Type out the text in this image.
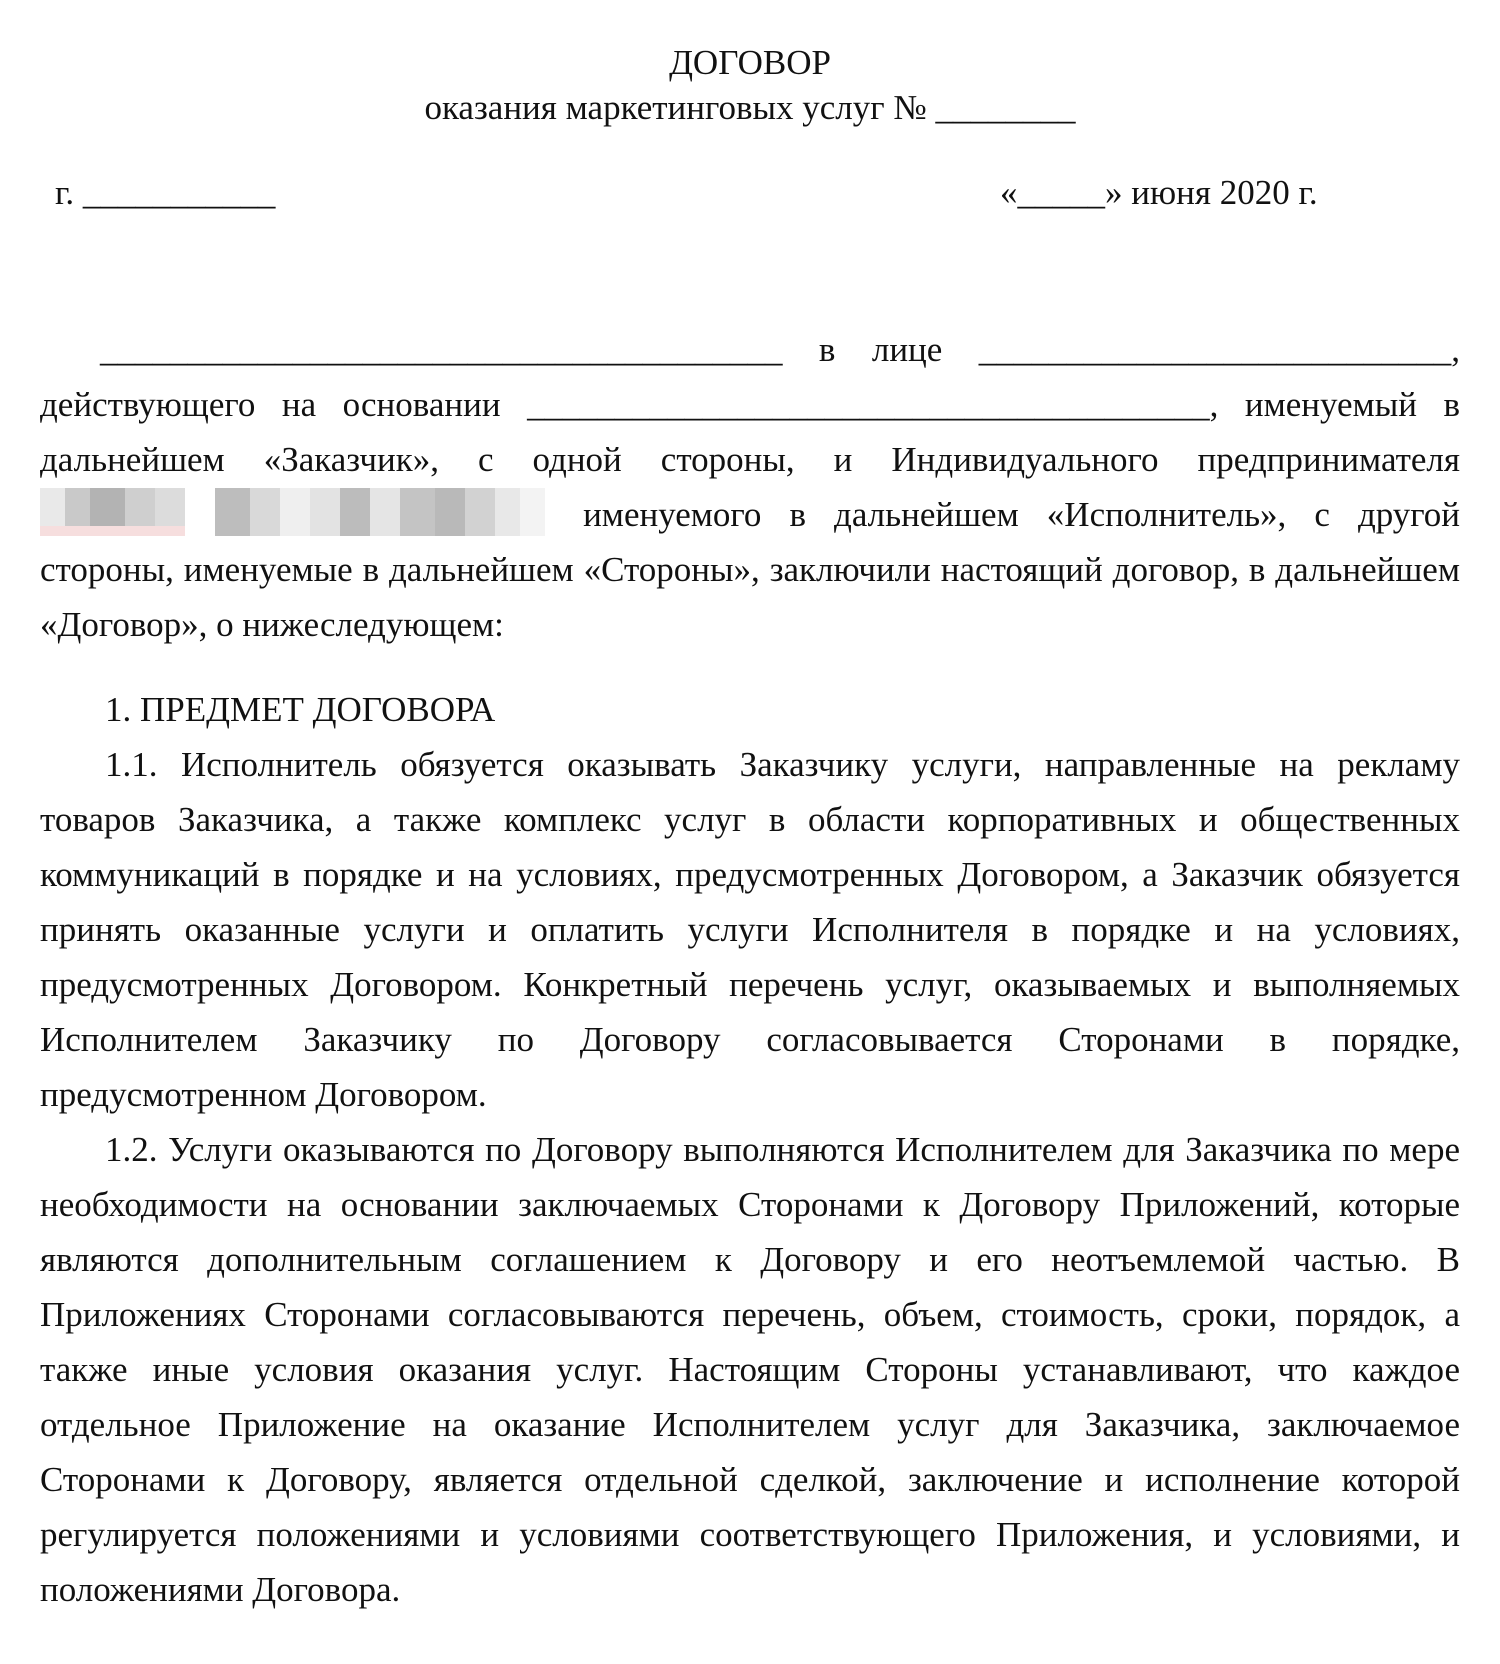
ДОГОВОР
оказания маркетинговых услуг № ________
г. ___________	«_____» июня 2020 г.

_______________________________________ в лице ___________________________,

действующего на основании _______________________________________, именуемый в дальнейшем «Заказчик», с одной стороны, и Индивидуального предпринимателя  именуемого в дальнейшем «Исполнитель», с другой стороны, именуемые в дальнейшем «Стороны», заключили настоящий договор, в дальнейшем «Договор», о нижеследующем:

1. ПРЕДМЕТ ДОГОВОРА

1.1. Исполнитель обязуется оказывать Заказчику услуги, направленные на рекламу товаров Заказчика, а также комплекс услуг в области корпоративных и общественных коммуникаций в порядке и на условиях, предусмотренных Договором, а Заказчик обязуется принять оказанные услуги и оплатить услуги Исполнителя в порядке и на условиях, предусмотренных Договором. Конкретный перечень услуг, оказываемых и выполняемых Исполнителем Заказчику по Договору согласовывается Сторонами в порядке, предусмотренном Договором.

1.2. Услуги оказываются по Договору выполняются Исполнителем для Заказчика по мере необходимости на основании заключаемых Сторонами к Договору Приложений, которые являются дополнительным соглашением к Договору и его неотъемлемой частью. В Приложениях Сторонами согласовываются перечень, объем, стоимость, сроки, порядок, а также иные условия оказания услуг. Настоящим Стороны устанавливают, что каждое отдельное Приложение на оказание Исполнителем услуг для Заказчика, заключаемое Сторонами к Договору, является отдельной сделкой, заключение и исполнение которой регулируется положениями и условиями соответствующего Приложения, и условиями, и положениями Договора.
